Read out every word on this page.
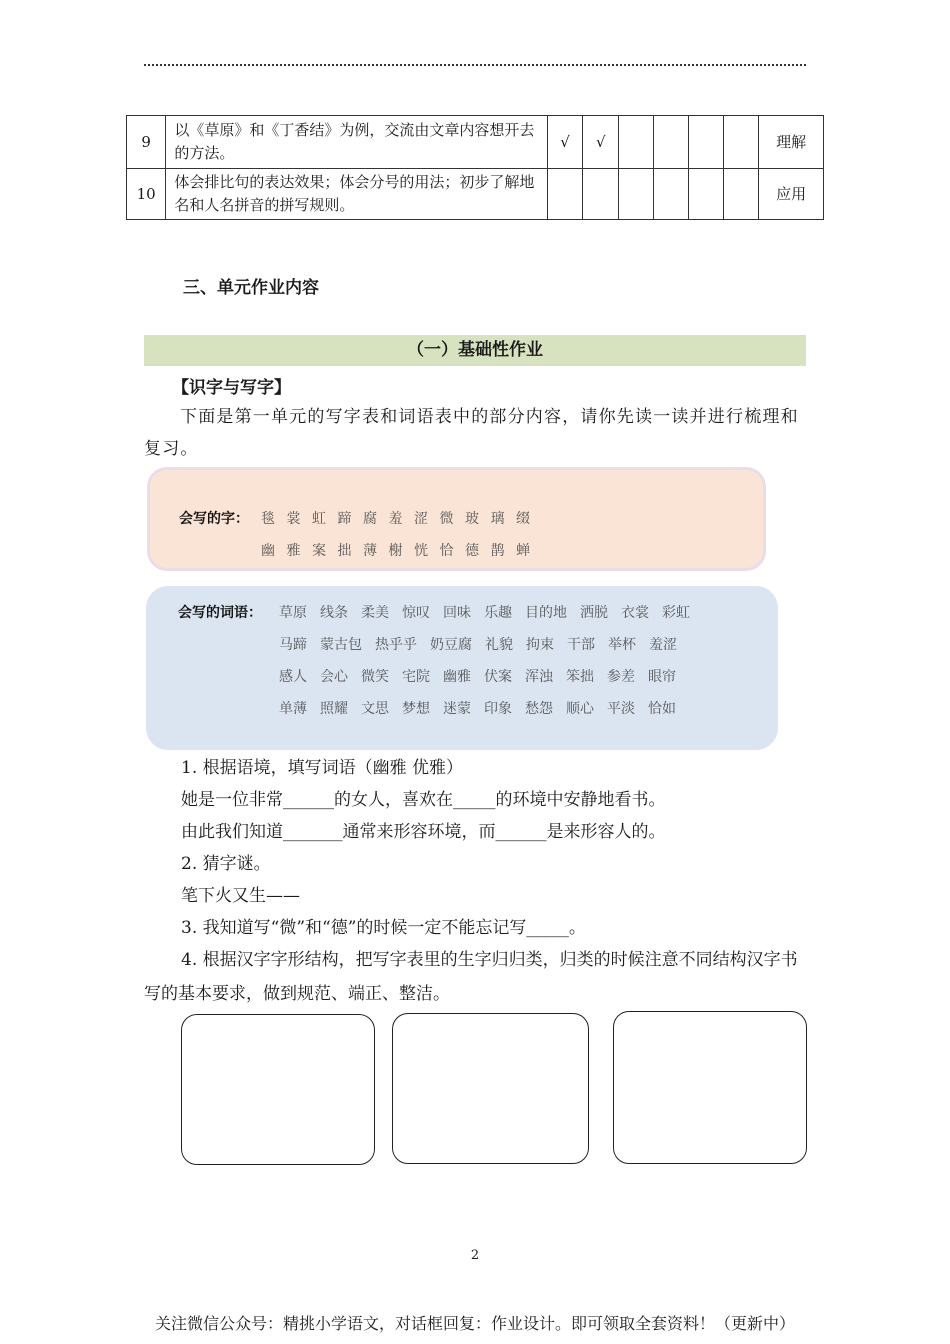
9	以《草原》和《丁香结》为例，交流由文章内容想开去的方法。	√	√					理解
10	体会排比句的表达效果；体会分号的用法；初步了解地名和人名拼音的拼写规则。							应用
三、单元作业内容
（一）基础性作业
【识字与写字】
下面是第一单元的写字表和词语表中的部分内容，请你先读一读并进行梳理和复习。
会写的字： 毯 裳 虹 蹄 腐 羞 涩 微 玻 璃 缀
幽 雅 案 拙 薄 榭 恍 恰 德 鹊 蝉
会写的词语： 草原 线条 柔美 惊叹 回味 乐趣 目的地 洒脱 衣裳 彩虹
马蹄 蒙古包 热乎乎 奶豆腐 礼貌 拘束 干部 举杯 羞涩
感人 会心 微笑 宅院 幽雅 伏案 浑浊 笨拙 参差 眼帘
单薄 照耀 文思 梦想 迷蒙 印象 愁怨 顺心 平淡 恰如
1. 根据语境，填写词语（幽雅 优雅）
她是一位非常______的女人，喜欢在_____的环境中安静地看书。
由此我们知道_______通常来形容环境，而______是来形容人的。
2. 猜字谜。
笔下火又生——
3. 我知道写“微”和“德”的时候一定不能忘记写_____。
4. 根据汉字字形结构，把写字表里的生字归归类，归类的时候注意不同结构汉字书写的基本要求，做到规范、端正、整洁。
2
关注微信公众号：精挑小学语文，对话框回复：作业设计。即可领取全套资料！（更新中）
